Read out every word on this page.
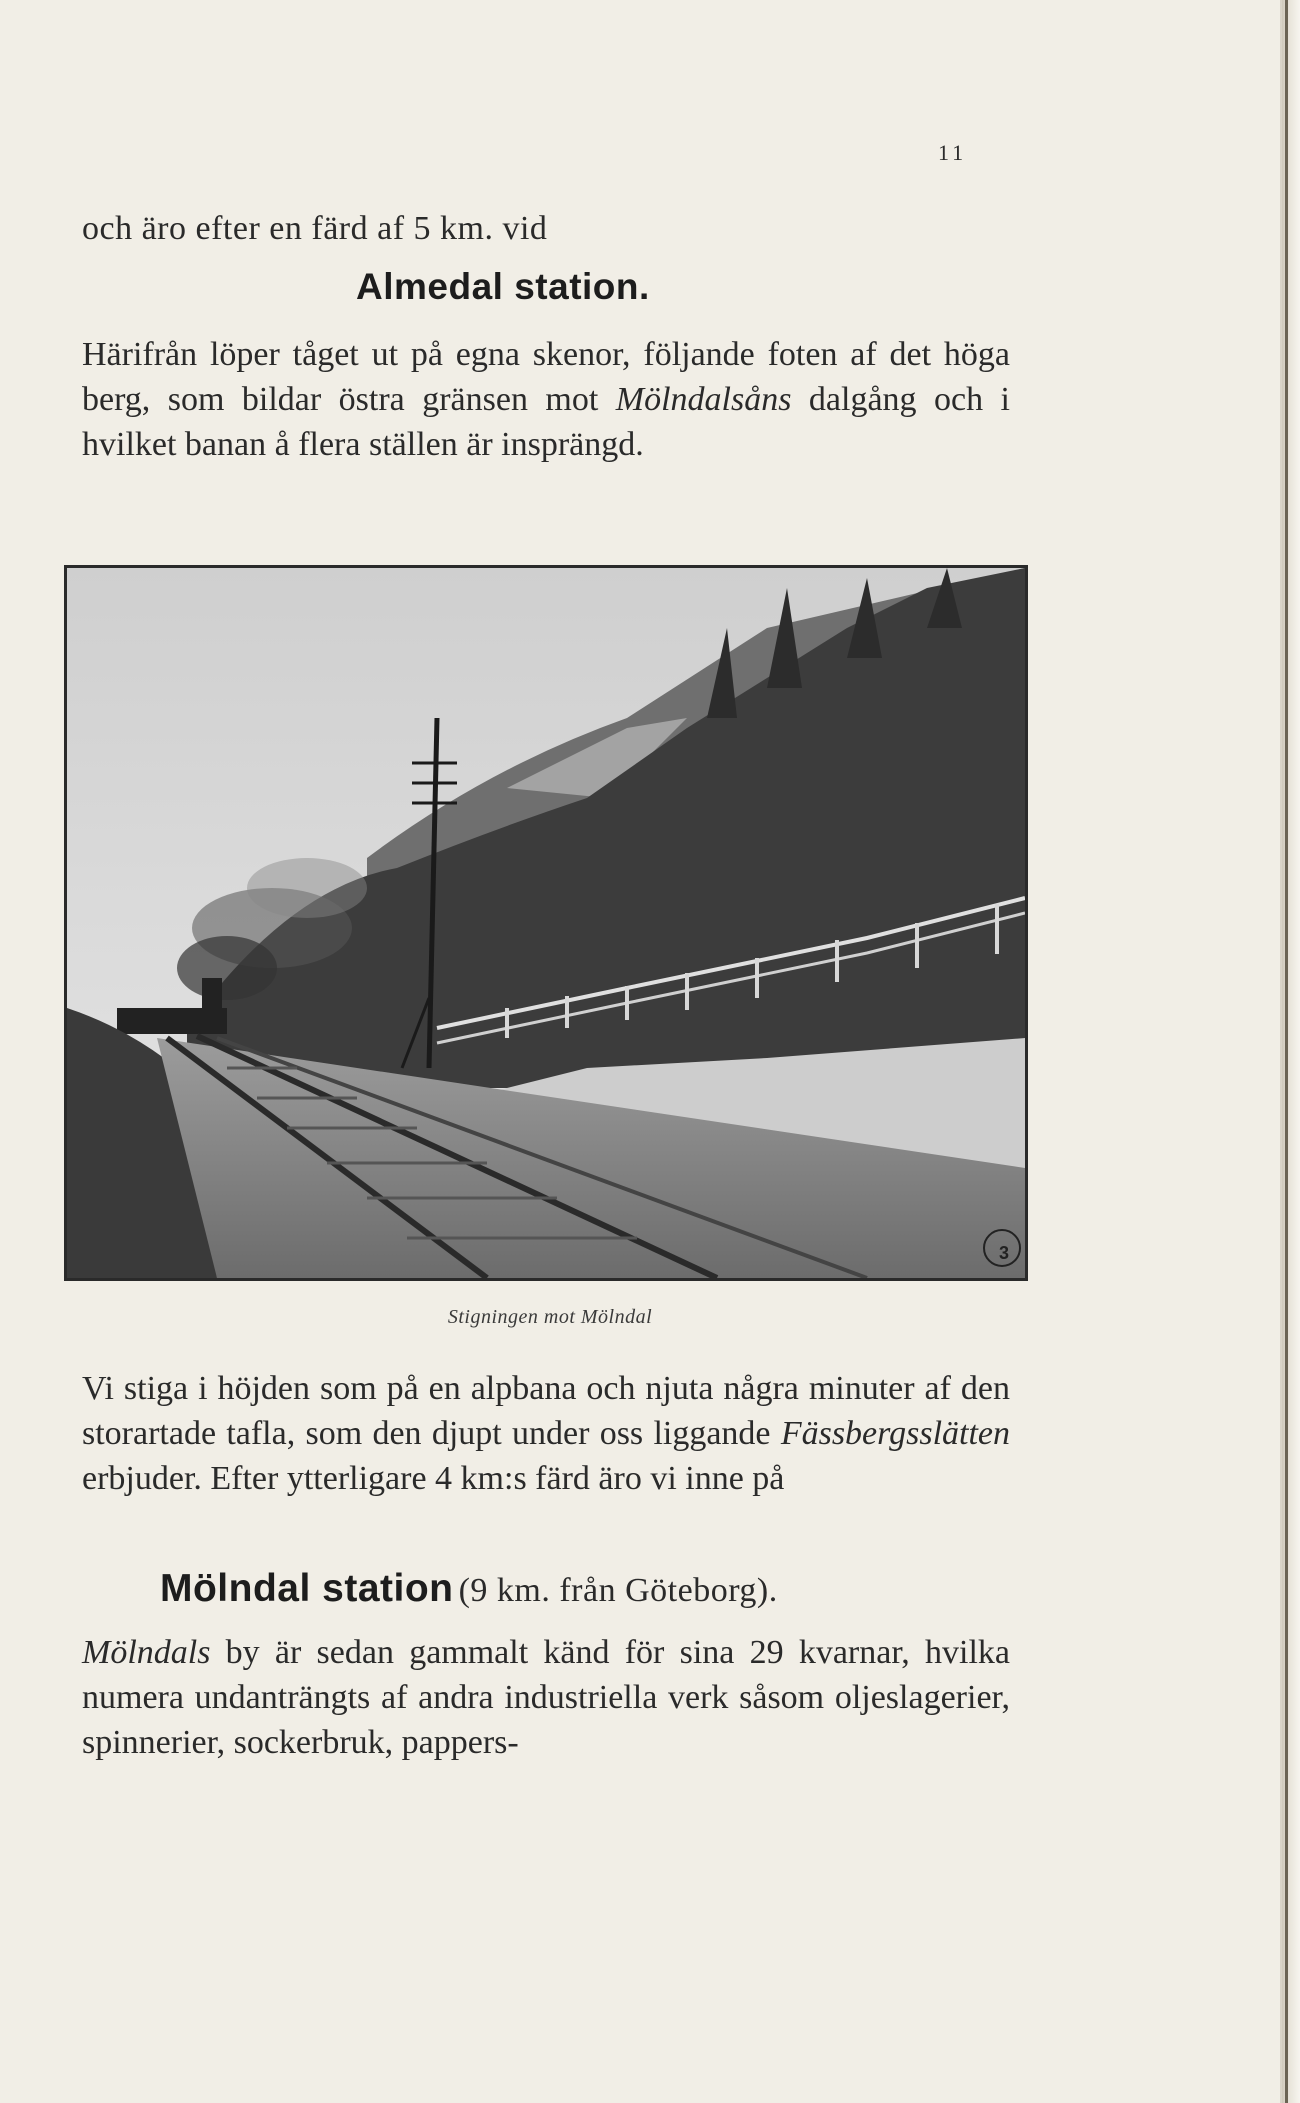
11
och äro efter en färd af 5 km. vid
Almedal station.
Härifrån löper tåget ut på egna skenor, följande foten af det höga berg, som bildar östra gränsen mot Mölndalsåns dalgång och i hvilket banan å flera ställen är insprängd.
3
Stigningen mot Mölndal
Vi stiga i höjden som på en alpbana och njuta några minuter af den storartade tafla, som den djupt under oss liggande Fässbergsslätten erbjuder. Efter ytterligare 4 km:s färd äro vi inne på
Mölndal station (9 km. från Göteborg).
Mölndals by är sedan gammalt känd för sina 29 kvarnar, hvilka numera undanträngts af andra industriella verk såsom oljeslagerier, spinnerier, sockerbruk, pappers-
